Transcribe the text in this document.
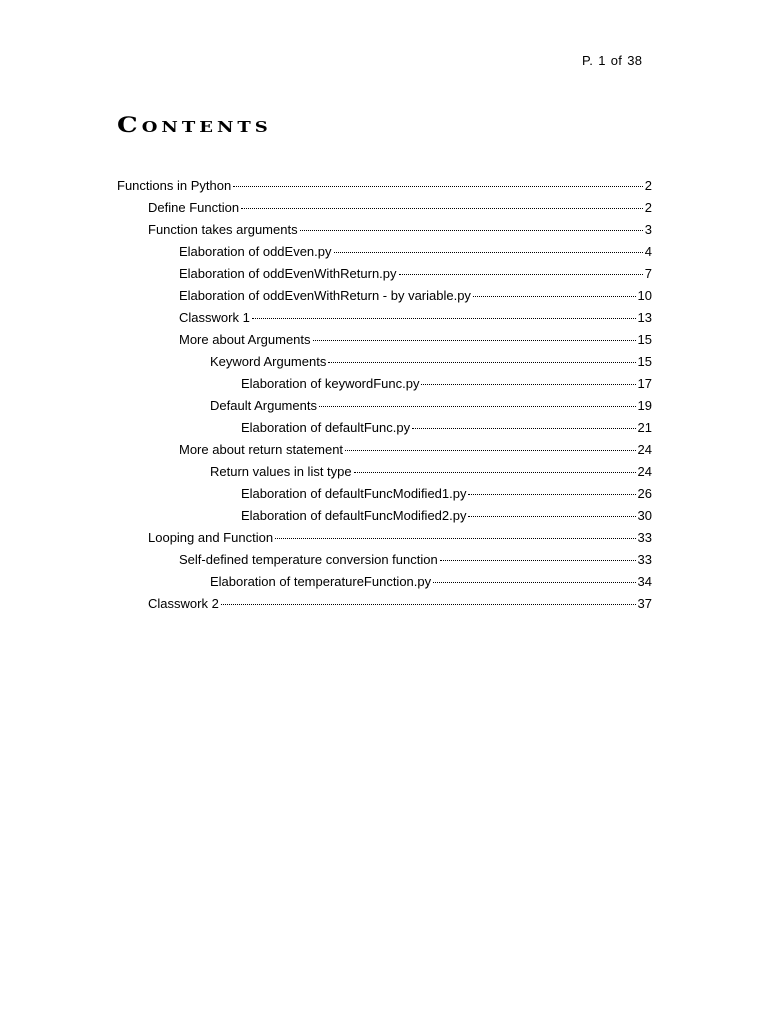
P. 1 of 38
Contents
Functions in Python	2
Define Function	2
Function takes arguments	3
Elaboration of oddEven.py	4
Elaboration of oddEvenWithReturn.py	7
Elaboration of oddEvenWithReturn - by variable.py	10
Classwork 1	13
More about Arguments	15
Keyword Arguments	15
Elaboration of keywordFunc.py	17
Default Arguments	19
Elaboration of defaultFunc.py	21
More about return statement	24
Return values in list type	24
Elaboration of defaultFuncModified1.py	26
Elaboration of defaultFuncModified2.py	30
Looping and Function	33
Self-defined temperature conversion function	33
Elaboration of temperatureFunction.py	34
Classwork 2	37
